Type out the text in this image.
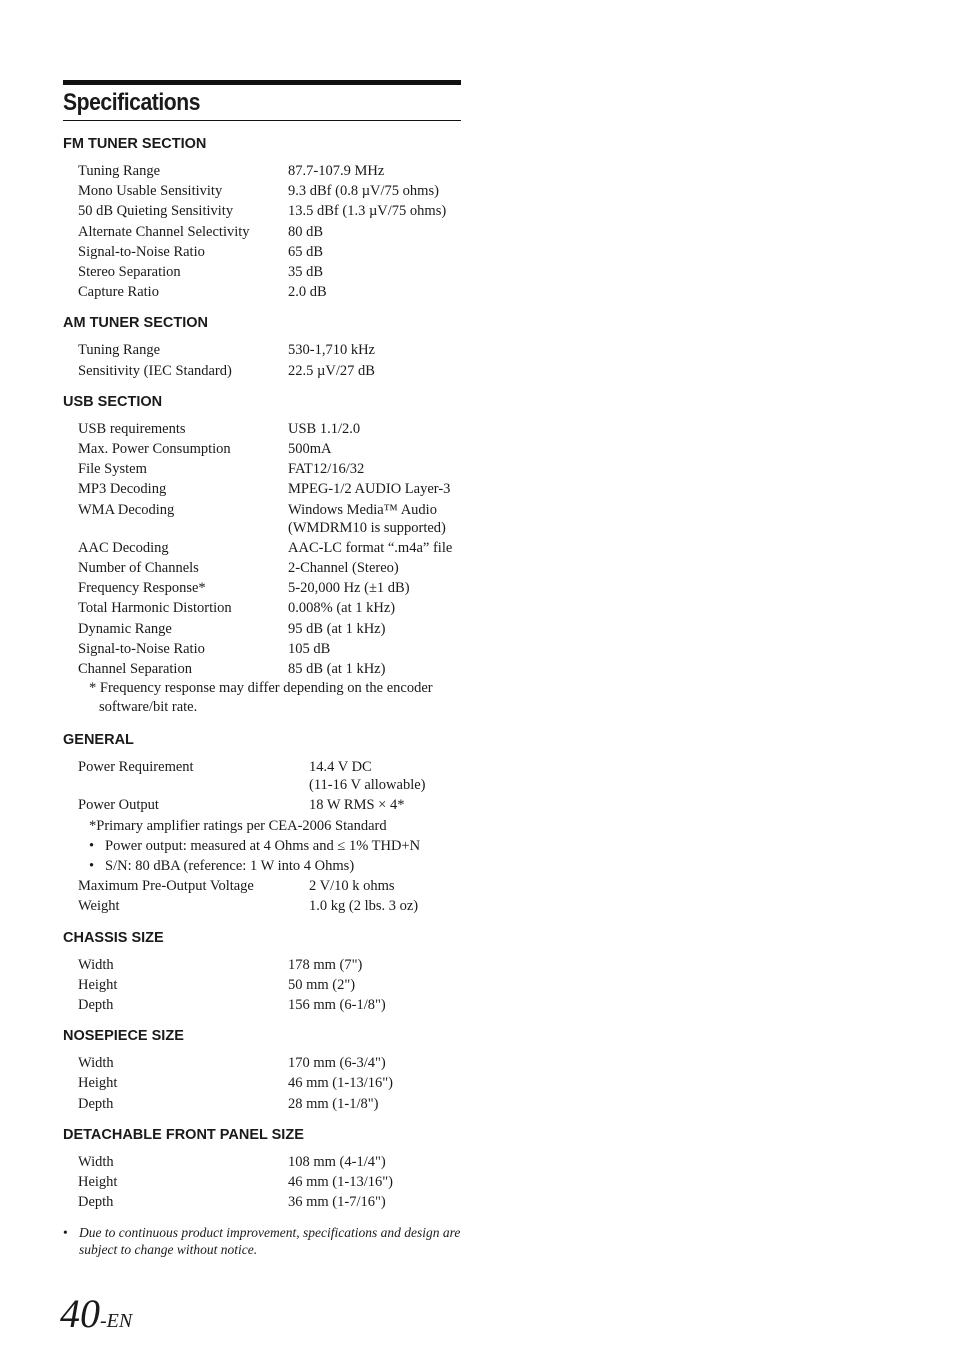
Specifications
FM TUNER SECTION
Tuning Range	87.7-107.9 MHz
Mono Usable Sensitivity	9.3 dBf (0.8 µV/75 ohms)
50 dB Quieting Sensitivity	13.5 dBf (1.3 µV/75 ohms)
Alternate Channel Selectivity	80 dB
Signal-to-Noise Ratio	65 dB
Stereo Separation	35 dB
Capture Ratio	2.0 dB
AM TUNER SECTION
Tuning Range	530-1,710 kHz
Sensitivity (IEC Standard)	22.5 µV/27 dB
USB SECTION
USB requirements	USB 1.1/2.0
Max. Power Consumption	500mA
File System	FAT12/16/32
MP3 Decoding	MPEG-1/2 AUDIO Layer-3
WMA Decoding	Windows Media™ Audio
(WMDRM10 is supported)
AAC Decoding	AAC-LC format “.m4a” file
Number of Channels	2-Channel (Stereo)
Frequency Response*	5-20,000 Hz (±1 dB)
Total Harmonic Distortion	0.008% (at 1 kHz)
Dynamic Range	95 dB (at 1 kHz)
Signal-to-Noise Ratio	105 dB
Channel Separation	85 dB (at 1 kHz)
* Frequency response may differ depending on the encoder software/bit rate.
GENERAL
Power Requirement	14.4 V DC
(11-16 V allowable)
Power Output	18 W RMS × 4*
*Primary amplifier ratings per CEA-2006 Standard
• Power output: measured at 4 Ohms and ≤ 1% THD+N
• S/N: 80 dBA (reference: 1 W into 4 Ohms)
Maximum Pre-Output Voltage	2 V/10 k ohms
Weight	1.0 kg (2 lbs. 3 oz)
CHASSIS SIZE
Width	178 mm (7")
Height	50 mm (2")
Depth	156 mm (6-1/8")
NOSEPIECE SIZE
Width	170 mm (6-3/4")
Height	46 mm (1-13/16")
Depth	28 mm (1-1/8")
DETACHABLE FRONT PANEL SIZE
Width	108 mm (4-1/4")
Height	46 mm (1-13/16")
Depth	36 mm (1-7/16")
• Due to continuous product improvement, specifications and design are subject to change without notice.
40-EN
